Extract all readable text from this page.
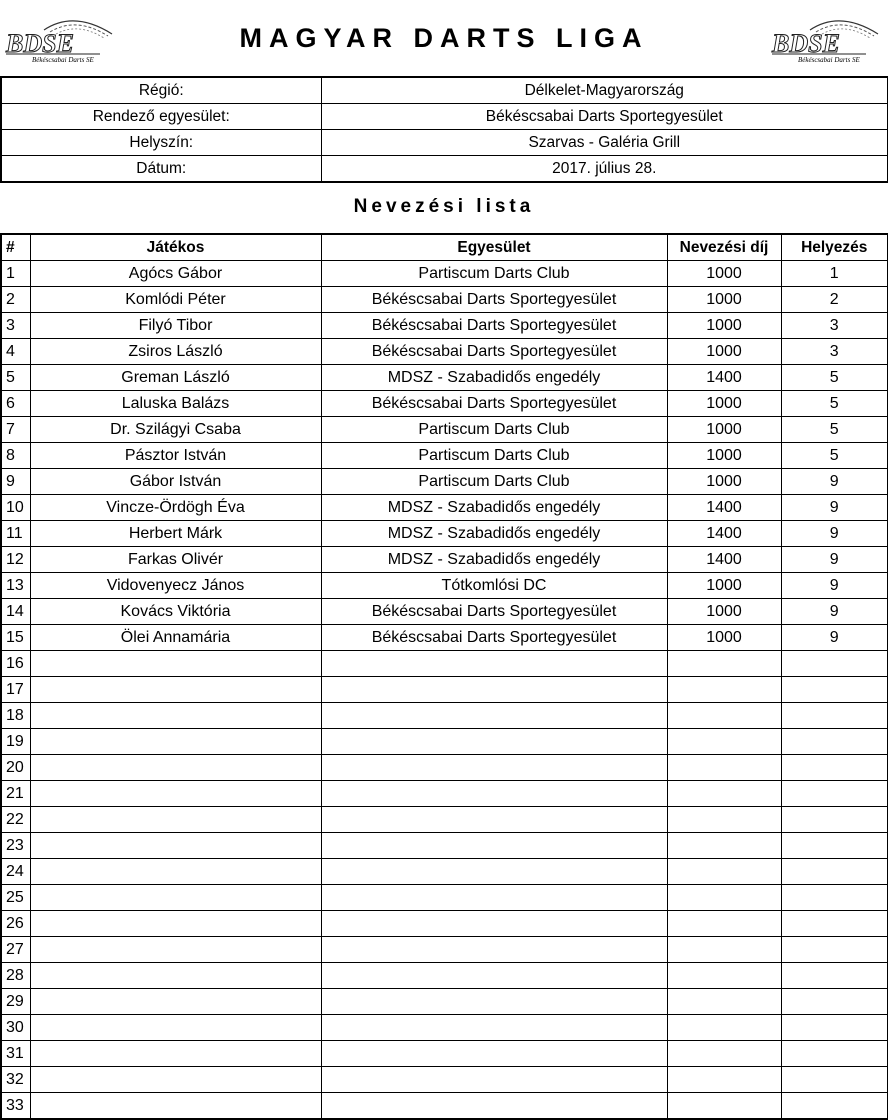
BDSE
Békéscsabai Darts SE
MAGYAR DARTS LIGA	BDSE
Békéscsabai Darts SE
Régió:	Délkelet-Magyarország
Rendező egyesület:	Békéscsabai Darts Sportegyesület
Helyszín:	Szarvas - Galéria Grill
Dátum:	2017. július 28.
Nevezési lista
#	Játékos	Egyesület	Nevezési díj	Helyezés
1	Agócs Gábor	Partiscum Darts Club	1000	1
2	Komlódi Péter	Békéscsabai Darts Sportegyesület	1000	2
3	Filyó Tibor	Békéscsabai Darts Sportegyesület	1000	3
4	Zsiros László	Békéscsabai Darts Sportegyesület	1000	3
5	Greman László	MDSZ - Szabadidős engedély	1400	5
6	Laluska Balázs	Békéscsabai Darts Sportegyesület	1000	5
7	Dr. Szilágyi Csaba	Partiscum Darts Club	1000	5
8	Pásztor István	Partiscum Darts Club	1000	5
9	Gábor István	Partiscum Darts Club	1000	9
10	Vincze-Ördögh Éva	MDSZ - Szabadidős engedély	1400	9
11	Herbert Márk	MDSZ - Szabadidős engedély	1400	9
12	Farkas Olivér	MDSZ - Szabadidős engedély	1400	9
13	Vidovenyecz János	Tótkomlósi DC	1000	9
14	Kovács Viktória	Békéscsabai Darts Sportegyesület	1000	9
15	Ölei Annamária	Békéscsabai Darts Sportegyesület	1000	9
16				
17				
18				
19				
20				
21				
22				
23				
24				
25				
26				
27				
28				
29				
30				
31				
32				
33				
